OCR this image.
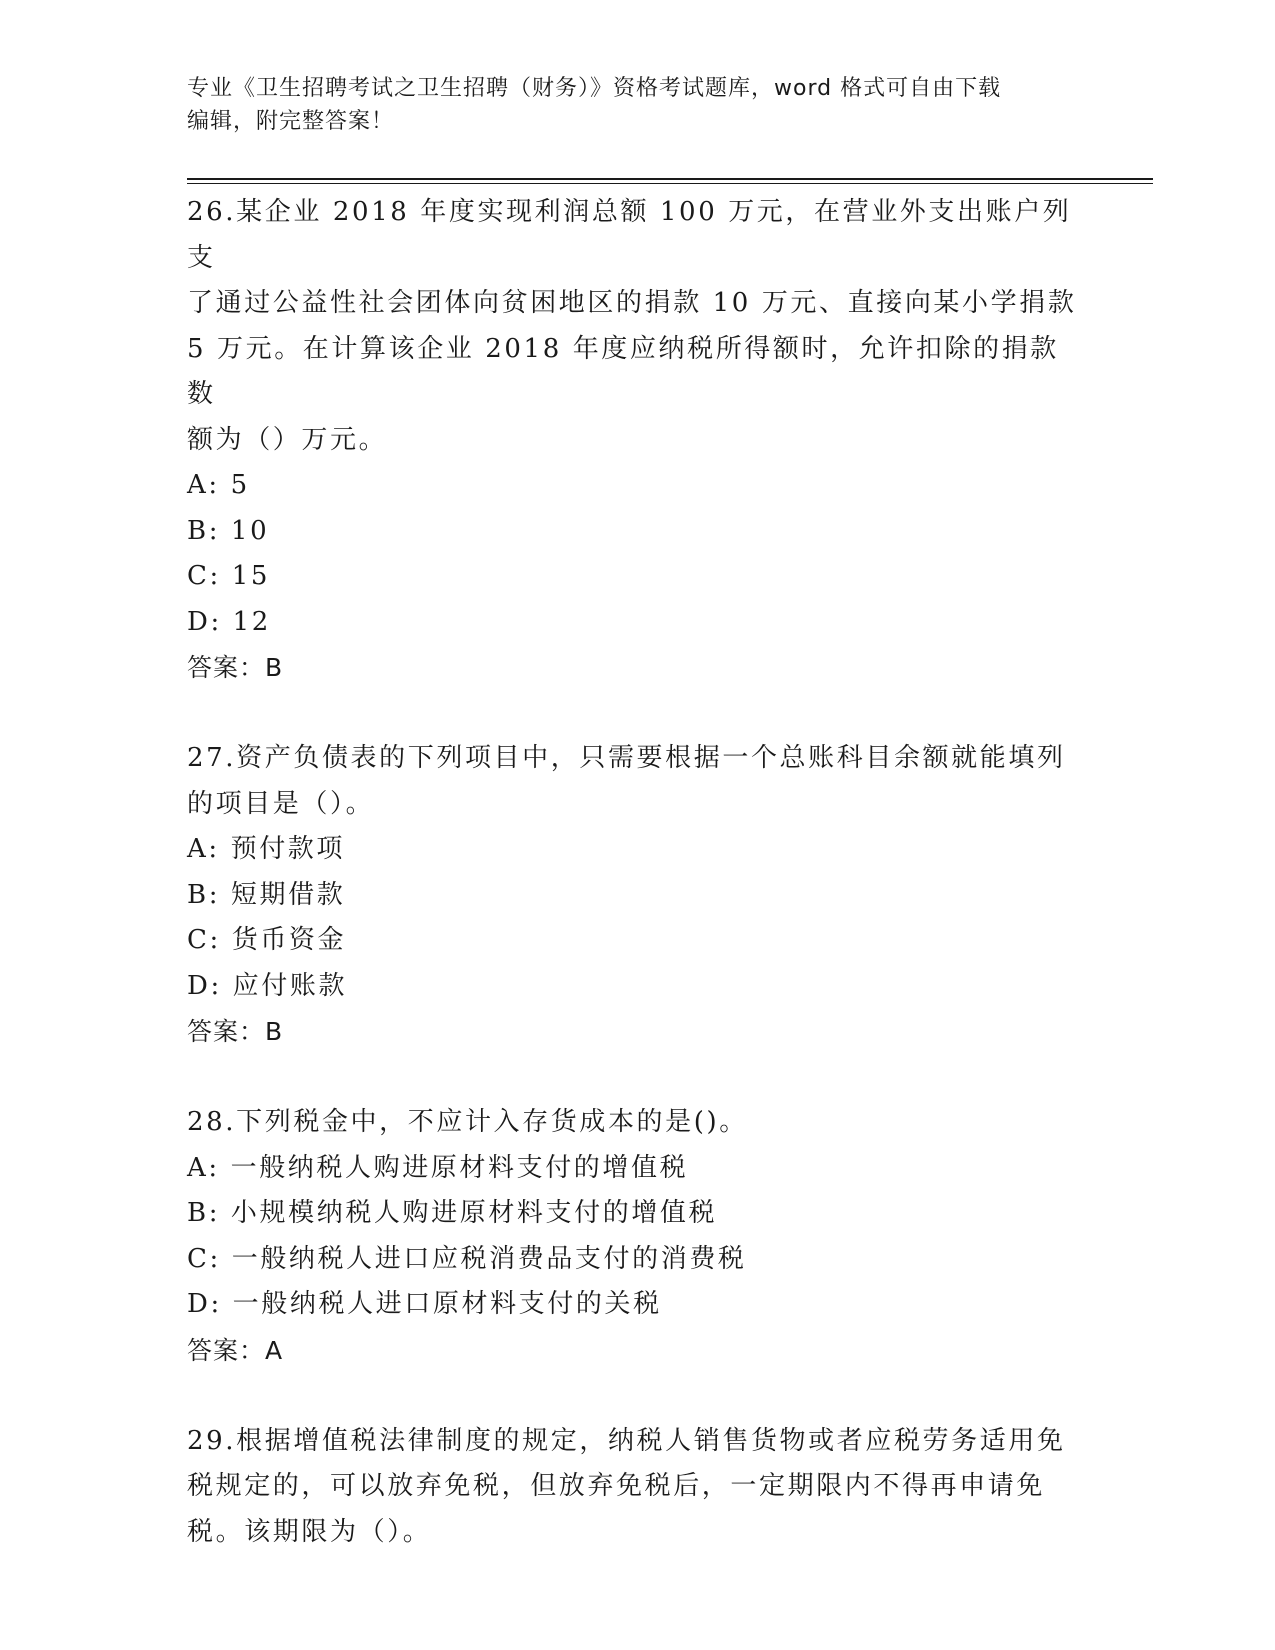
专业《卫生招聘考试之卫生招聘（财务）》资格考试题库，word 格式可自由下载
编辑，附完整答案！

26.某企业 2018 年度实现利润总额 100 万元，在营业外支出账户列支

了通过公益性社会团体向贫困地区的捐款 10 万元、直接向某小学捐款

5 万元。在计算该企业 2018 年度应纳税所得额时，允许扣除的捐款数

额为（）万元。

A: 5

B: 10

C: 15

D: 12

答案：B

27.资产负债表的下列项目中，只需要根据一个总账科目余额就能填列

的项目是（）。

A: 预付款项

B: 短期借款

C: 货币资金

D: 应付账款

答案：B

28.下列税金中，不应计入存货成本的是()。

A: 一般纳税人购进原材料支付的增值税

B: 小规模纳税人购进原材料支付的增值税

C: 一般纳税人进口应税消费品支付的消费税

D: 一般纳税人进口原材料支付的关税

答案：A

29.根据增值税法律制度的规定，纳税人销售货物或者应税劳务适用免

税规定的，可以放弃免税，但放弃免税后，一定期限内不得再申请免

税。该期限为（）。
